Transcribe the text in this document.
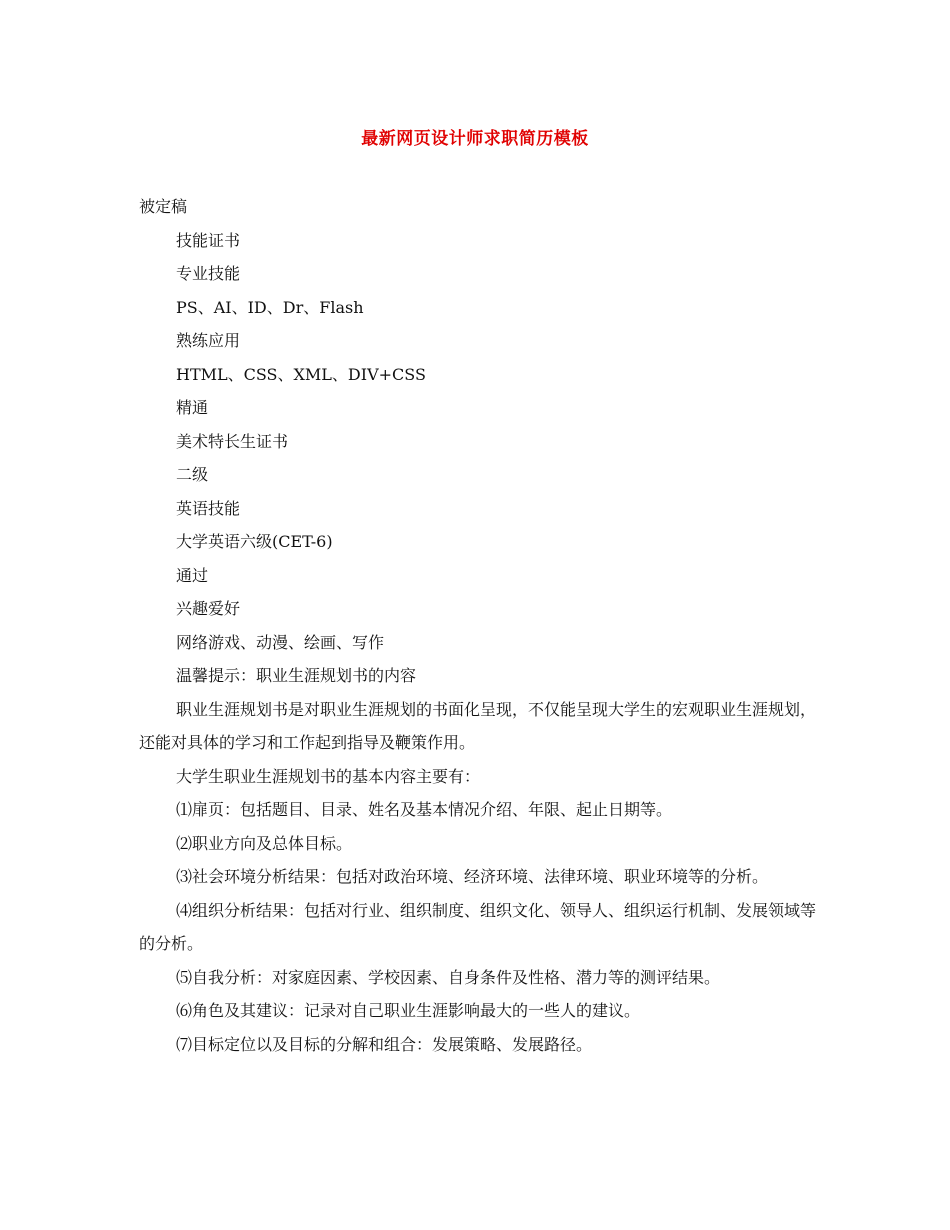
最新网页设计师求职简历模板

被定稿

技能证书

专业技能

PS、AI、ID、Dr、Flash

熟练应用

HTML、CSS、XML、DIV+CSS

精通

美术特长生证书

二级

英语技能

大学英语六级(CET-6)

通过

兴趣爱好

网络游戏、动漫、绘画、写作

温馨提示：职业生涯规划书的内容

职业生涯规划书是对职业生涯规划的书面化呈现，不仅能呈现大学生的宏观职业生涯规划，还能对具体的学习和工作起到指导及鞭策作用。

大学生职业生涯规划书的基本内容主要有：

⑴扉页：包括题目、目录、姓名及基本情况介绍、年限、起止日期等。

⑵职业方向及总体目标。

⑶社会环境分析结果：包括对政治环境、经济环境、法律环境、职业环境等的分析。

⑷组织分析结果：包括对行业、组织制度、组织文化、领导人、组织运行机制、发展领域等的分析。

⑸自我分析：对家庭因素、学校因素、自身条件及性格、潜力等的测评结果。

⑹角色及其建议：记录对自己职业生涯影响最大的一些人的建议。

⑺目标定位以及目标的分解和组合：发展策略、发展路径。
